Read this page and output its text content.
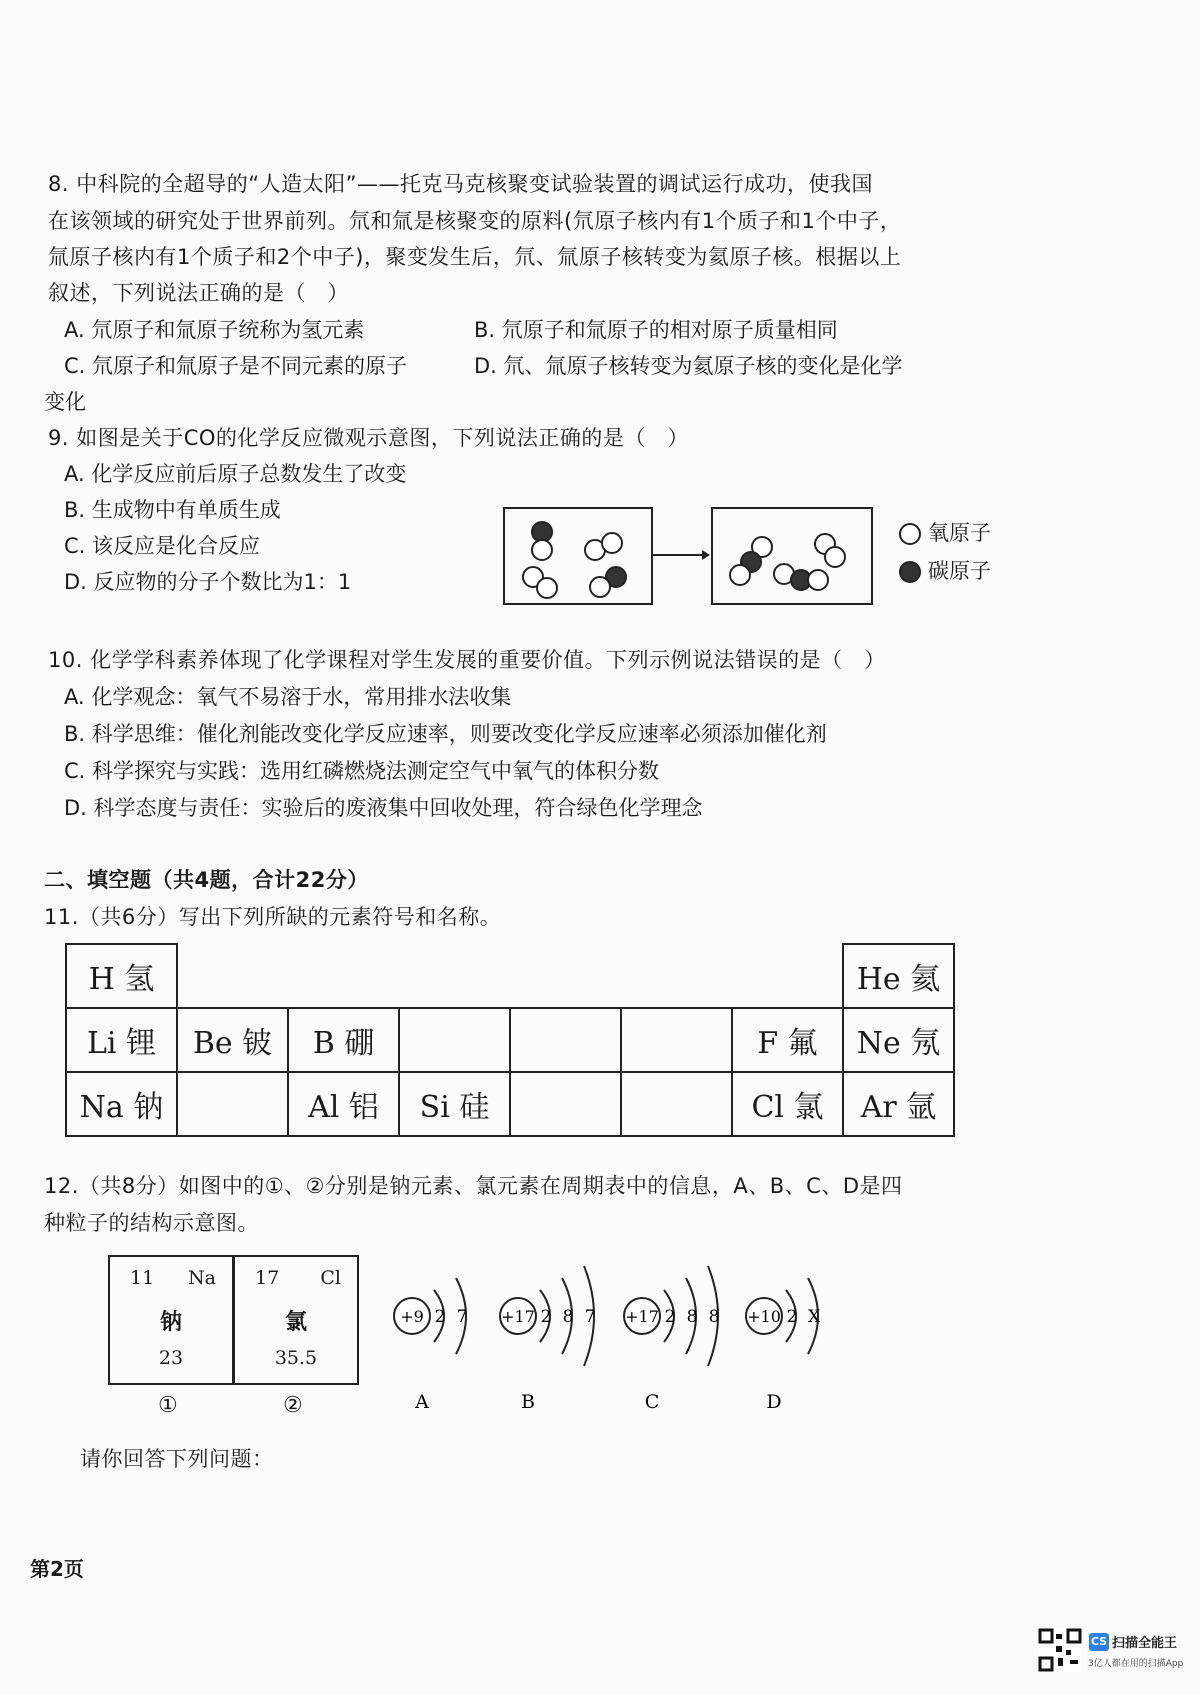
8. 中科院的全超导的“人造太阳”——托克马克核聚变试验装置的调试运行成功，使我国
在该领域的研究处于世界前列。氘和氚是核聚变的原料(氘原子核内有1个质子和1个中子，
氚原子核内有1个质子和2个中子)，聚变发生后，氘、氚原子核转变为氦原子核。根据以上
叙述，下列说法正确的是（　）
A. 氘原子和氚原子统称为氢元素	B. 氘原子和氚原子的相对原子质量相同
C. 氘原子和氚原子是不同元素的原子	D. 氘、氚原子核转变为氦原子核的变化是化学
变化
9. 如图是关于CO的化学反应微观示意图，下列说法正确的是（　）
A. 化学反应前后原子总数发生了改变
B. 生成物中有单质生成
C. 该反应是化合反应
D. 反应物的分子个数比为1：1
氧原子
碳原子
10. 化学学科素养体现了化学课程对学生发展的重要价值。下列示例说法错误的是（　）
A. 化学观念：氧气不易溶于水，常用排水法收集
B. 科学思维：催化剂能改变化学反应速率，则要改变化学反应速率必须添加催化剂
C. 科学探究与实践：选用红磷燃烧法测定空气中氧气的体积分数
D. 科学态度与责任：实验后的废液集中回收处理，符合绿色化学理念
二、填空题（共4题，合计22分）
11.（共6分）写出下列所缺的元素符号和名称。
H 氢							He 氦
Li 锂	Be 铍	B 硼				F 氟	Ne 氖
Na 钠		Al 铝	Si 硅			Cl 氯	Ar 氩
12.（共8分）如图中的①、②分别是钠元素、氯元素在周期表中的信息，A、B、C、D是四
种粒子的结构示意图。
11 Na
钠
23
①
17 Cl
氯
35.5
②
+9 2 7
A
+17 2 8 7
B
+17 2 8 8
C
+10 2 X
D
请你回答下列问题：
第2页
CS 扫描全能王
3亿人都在用的扫描App
